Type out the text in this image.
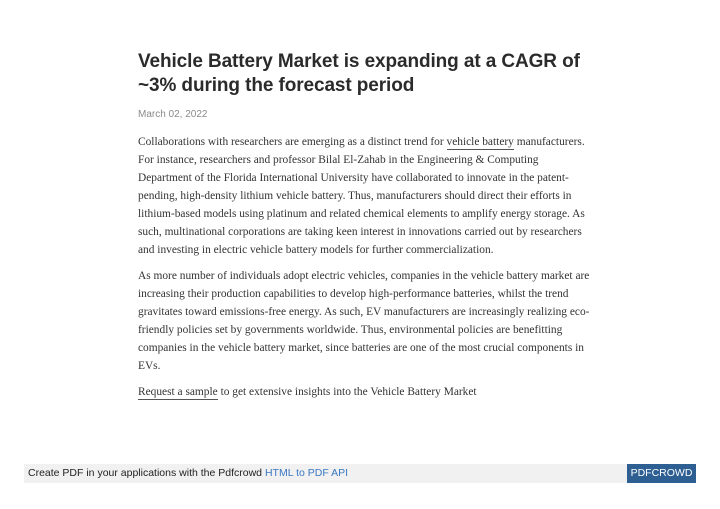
Vehicle Battery Market is expanding at a CAGR of ~3% during the forecast period
March 02, 2022

Collaborations with researchers are emerging as a distinct trend for vehicle battery manufacturers. For instance, researchers and professor Bilal El-Zahab in the Engineering & Computing Department of the Florida International University have collaborated to innovate in the patent-pending, high-density lithium vehicle battery. Thus, manufacturers should direct their efforts in lithium-based models using platinum and related chemical elements to amplify energy storage. As such, multinational corporations are taking keen interest in innovations carried out by researchers and investing in electric vehicle battery models for further commercialization.

As more number of individuals adopt electric vehicles, companies in the vehicle battery market are increasing their production capabilities to develop high-performance batteries, whilst the trend gravitates toward emissions-free energy. As such, EV manufacturers are increasingly realizing eco-friendly policies set by governments worldwide. Thus, environmental policies are benefitting companies in the vehicle battery market, since batteries are one of the most crucial components in EVs.

Request a sample to get extensive insights into the Vehicle Battery Market

Create PDF in your applications with the Pdfcrowd HTML to PDF API	PDFCROWD
